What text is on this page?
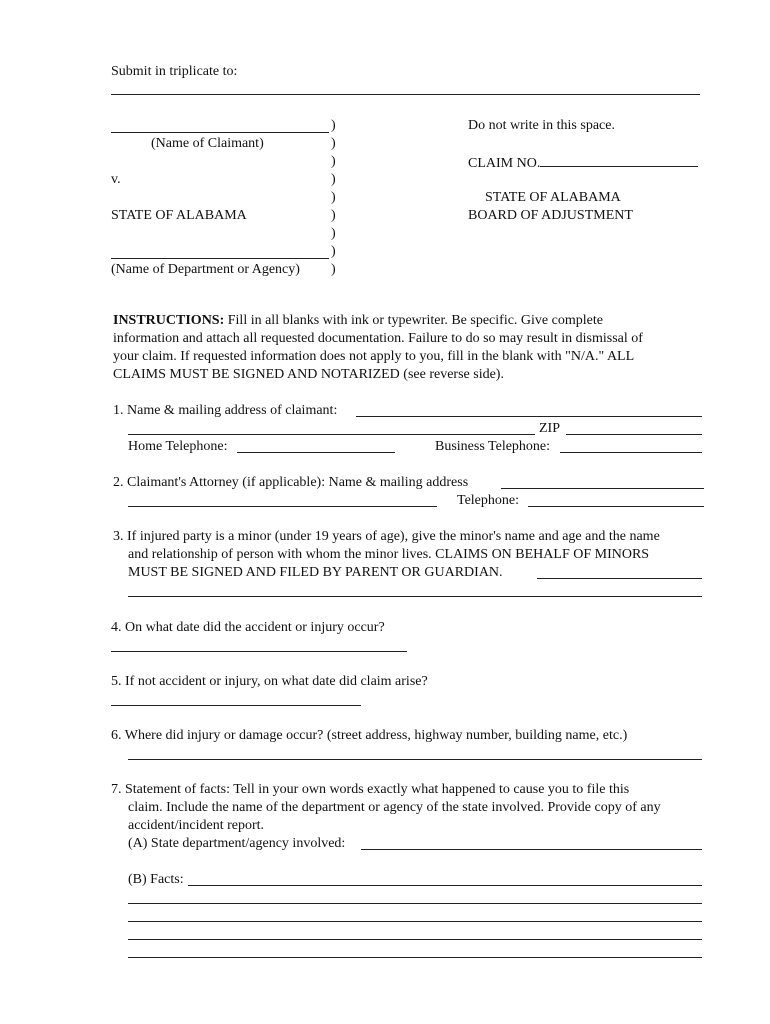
Submit in triplicate to:
(Name of Claimant)
v.
STATE OF ALABAMA
(Name of Department or Agency)
)
)
)
)
)
)
)
)
)
Do not write in this space.
CLAIM NO.
STATE OF ALABAMA
BOARD OF ADJUSTMENT
INSTRUCTIONS: Fill in all blanks with ink or typewriter. Be specific. Give complete
information and attach all requested documentation. Failure to do so may result in dismissal of
your claim. If requested information does not apply to you, fill in the blank with "N/A." ALL
CLAIMS MUST BE SIGNED AND NOTARIZED (see reverse side).
1. Name & mailing address of claimant:
ZIP
Home Telephone:	Business Telephone:
2. Claimant's Attorney (if applicable): Name & mailing address
Telephone:
3. If injured party is a minor (under 19 years of age), give the minor's name and age and the name
and relationship of person with whom the minor lives. CLAIMS ON BEHALF OF MINORS
MUST BE SIGNED AND FILED BY PARENT OR GUARDIAN.
4. On what date did the accident or injury occur?
5. If not accident or injury, on what date did claim arise?
6. Where did injury or damage occur? (street address, highway number, building name, etc.)
7. Statement of facts: Tell in your own words exactly what happened to cause you to file this
claim. Include the name of the department or agency of the state involved. Provide copy of any
accident/incident report.
(A) State department/agency involved:
(B) Facts:
